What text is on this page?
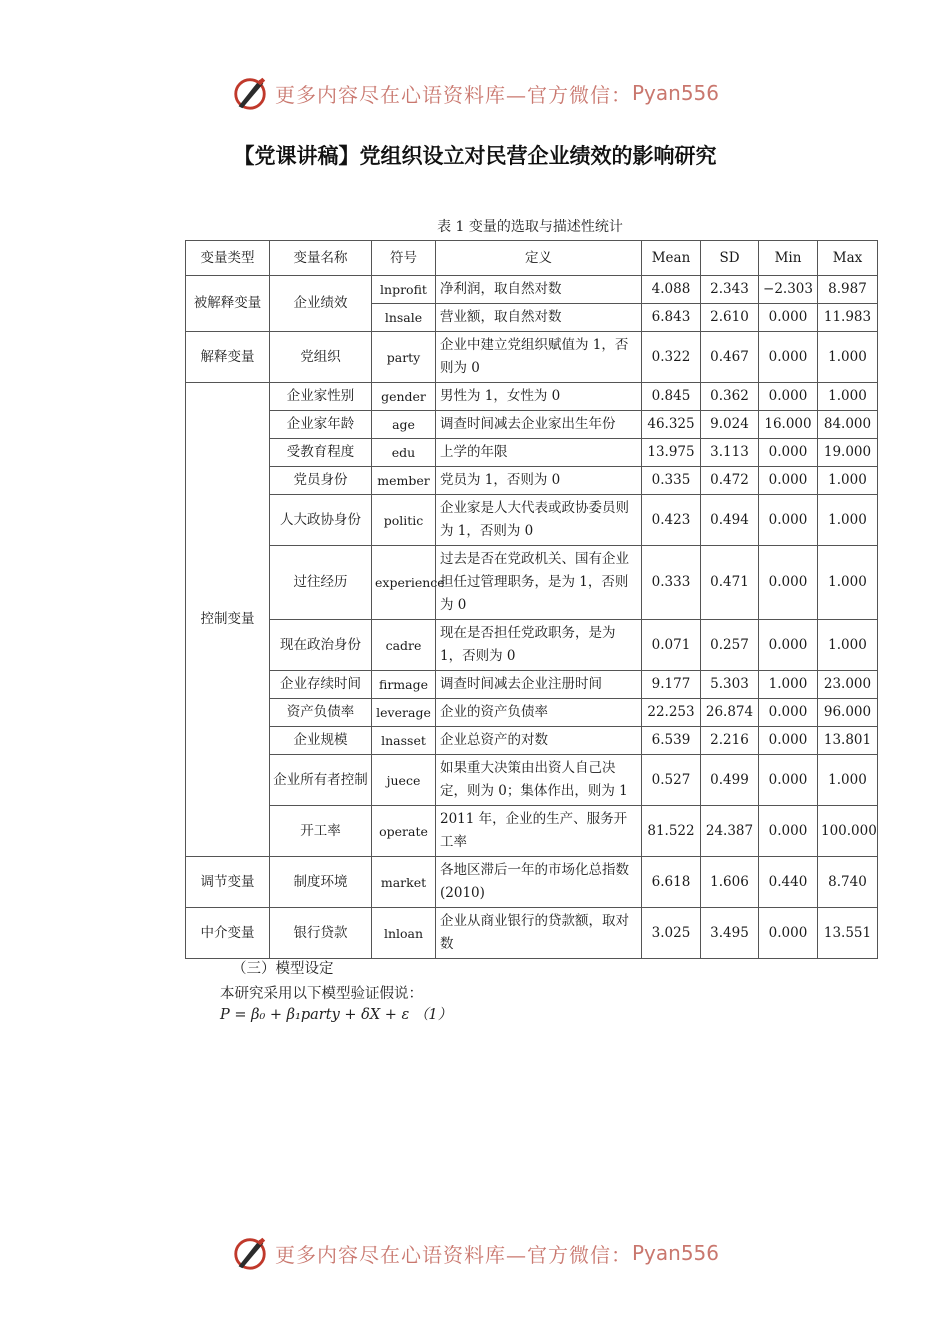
更多内容尽在心语资料库—官方微信： Pyan556
【党课讲稿】党组织设立对民营企业绩效的影响研究
表 1 变量的选取与描述性统计
变量类型	变量名称	符号	定义	Mean	SD	Min	Max
被解释变量	企业绩效	lnprofit	净利润，取自然对数	4.088	2.343	−2.303	8.987
		lnsale	营业额，取自然对数	6.843	2.610	0.000	11.983
解释变量	党组织	party	企业中建立党组织赋值为 1，否则为 0	0.322	0.467	0.000	1.000
控制变量	企业家性别	gender	男性为 1，女性为 0	0.845	0.362	0.000	1.000
	企业家年龄	age	调查时间减去企业家出生年份	46.325	9.024	16.000	84.000
	受教育程度	edu	上学的年限	13.975	3.113	0.000	19.000
	党员身份	member	党员为 1，否则为 0	0.335	0.472	0.000	1.000
	人大政协身份	politic	企业家是人大代表或政协委员则为 1，否则为 0	0.423	0.494	0.000	1.000
	过往经历	experience	过去是否在党政机关、国有企业担任过管理职务，是为 1，否则为 0	0.333	0.471	0.000	1.000
	现在政治身份	cadre	现在是否担任党政职务，是为 1，否则为 0	0.071	0.257	0.000	1.000
	企业存续时间	firmage	调查时间减去企业注册时间	9.177	5.303	1.000	23.000
	资产负债率	leverage	企业的资产负债率	22.253	26.874	0.000	96.000
	企业规模	lnasset	企业总资产的对数	6.539	2.216	0.000	13.801
	企业所有者控制	juece	如果重大决策由出资人自己决定，则为 0；集体作出，则为 1	0.527	0.499	0.000	1.000
	开工率	operate	2011 年，企业的生产、服务开工率	81.522	24.387	0.000	100.000
调节变量	制度环境	market	各地区滞后一年的市场化总指数(2010)	6.618	1.606	0.440	8.740
中介变量	银行贷款	lnloan	企业从商业银行的贷款额，取对数	3.025	3.495	0.000	13.551
（三）模型设定
本研究采用以下模型验证假说：
P = β₀ + β₁party + δX + ε （1）
更多内容尽在心语资料库—官方微信： Pyan556
